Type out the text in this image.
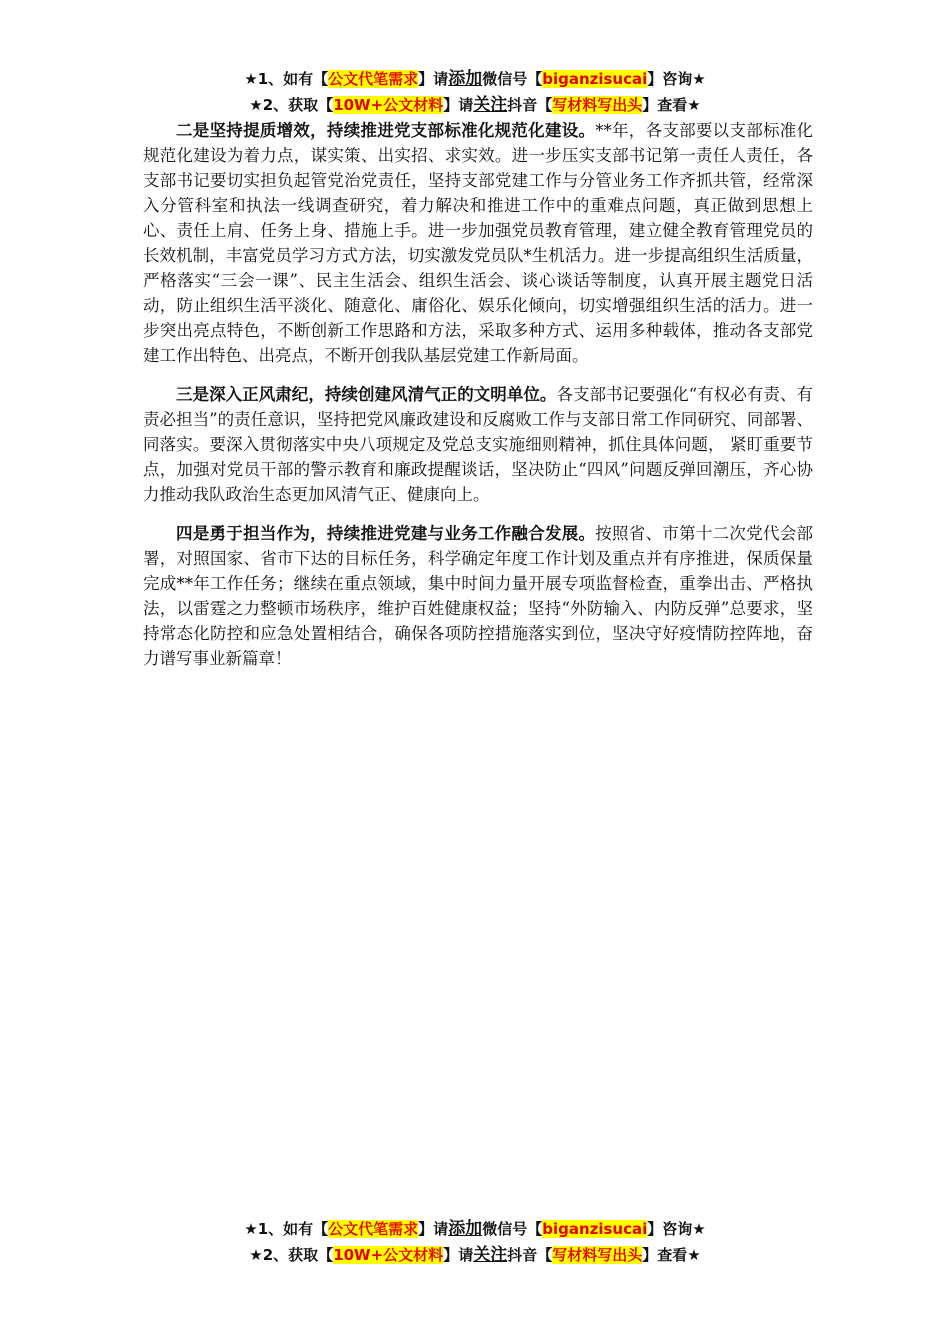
★1、如有【公文代笔需求】请添加微信号【biganzisucai】咨询★
★2、获取【10W+公文材料】请关注抖音【写材料写出头】查看★

二是坚持提质增效，持续推进党支部标准化规范化建设。**年，各支部要以支部标准化规范化建设为着力点，谋实策、出实招、求实效。进一步压实支部书记第一责任人责任，各支部书记要切实担负起管党治党责任，坚持支部党建工作与分管业务工作齐抓共管，经常深入分管科室和执法一线调查研究，着力解决和推进工作中的重难点问题，真正做到思想上心、责任上肩、任务上身、措施上手。进一步加强党员教育管理，建立健全教育管理党员的长效机制，丰富党员学习方式方法，切实激发党员队*生机活力。进一步提高组织生活质量，严格落实“三会一课”、民主生活会、组织生活会、谈心谈话等制度，认真开展主题党日活动，防止组织生活平淡化、随意化、庸俗化、娱乐化倾向，切实增强组织生活的活力。进一步突出亮点特色，不断创新工作思路和方法，采取多种方式、运用多种载体，推动各支部党建工作出特色、出亮点，不断开创我队基层党建工作新局面。

三是深入正风肃纪，持续创建风清气正的文明单位。各支部书记要强化“有权必有责、有责必担当”的责任意识，坚持把党风廉政建设和反腐败工作与支部日常工作同研究、同部署、同落实。要深入贯彻落实中央八项规定及党总支实施细则精神，抓住具体问题， 紧盯重要节点，加强对党员干部的警示教育和廉政提醒谈话，坚决防止“四风”问题反弹回潮压，齐心协力推动我队政治生态更加风清气正、健康向上。

四是勇于担当作为，持续推进党建与业务工作融合发展。按照省、市第十二次党代会部署，对照国家、省市下达的目标任务，科学确定年度工作计划及重点并有序推进，保质保量完成**年工作任务；继续在重点领域，集中时间力量开展专项监督检查，重拳出击、严格执法，以雷霆之力整顿市场秩序，维护百姓健康权益；坚持“外防输入、内防反弹”总要求，坚持常态化防控和应急处置相结合，确保各项防控措施落实到位，坚决守好疫情防控阵地，奋力谱写事业新篇章！

★1、如有【公文代笔需求】请添加微信号【biganzisucai】咨询★
★2、获取【10W+公文材料】请关注抖音【写材料写出头】查看★
